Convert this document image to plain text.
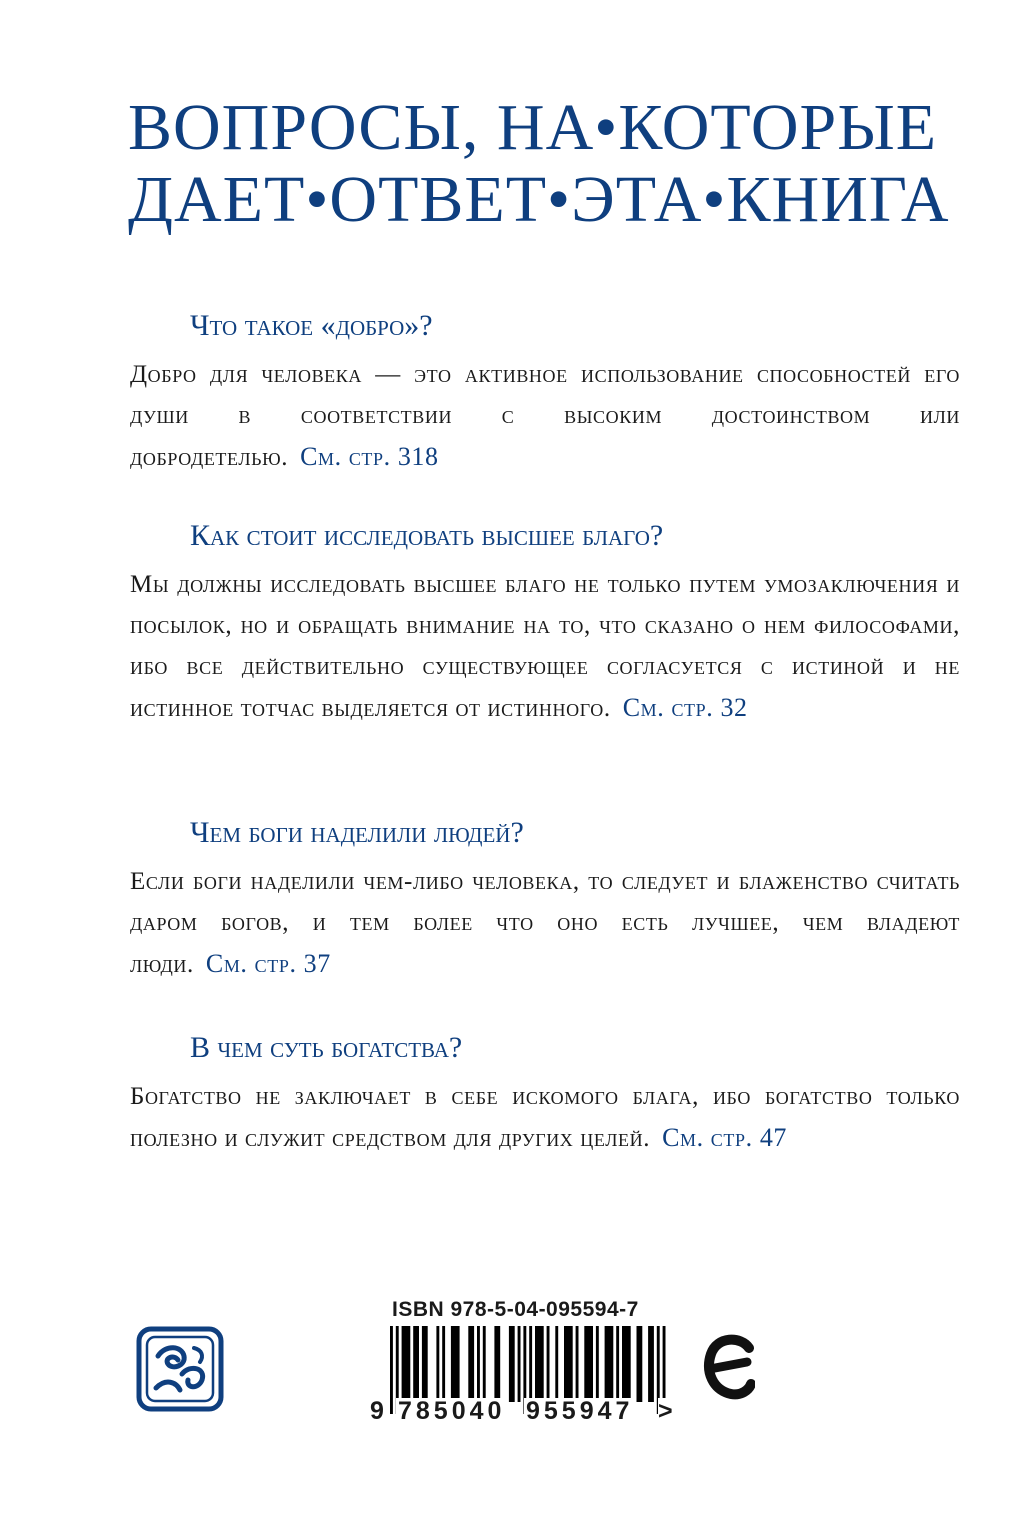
ВОПРОСЫ, НА•КОТОРЫЕ
ДАЕТ•ОТВЕТ•ЭТА•КНИГА
Что такое «добро»?

Добро для человека — это активное использование способностей его души в соответствии с высоким достоинством или добродетелью. См. стр. 318

Как стоит исследовать высшее благо?

Мы должны исследовать высшее благо не только путем умозаключения и посылок, но и обращать внимание на то, что сказано о нем философами, ибо все действительно существующее согласуется с истиной и не истинное тотчас выделяется от истинного. См. стр. 32

Чем боги наделили людей?

Если боги наделили чем-либо человека, то следует и блаженство считать даром богов, и тем более что оно есть лучшее, чем владеют люди. См. стр. 37

В чем суть богатства?

Богатство не заключает в себе искомого блага, ибо богатство только полезно и служит средством для других целей. См. стр. 47

ISBN 978-5-04-095594-7
9 785040 955947 >
